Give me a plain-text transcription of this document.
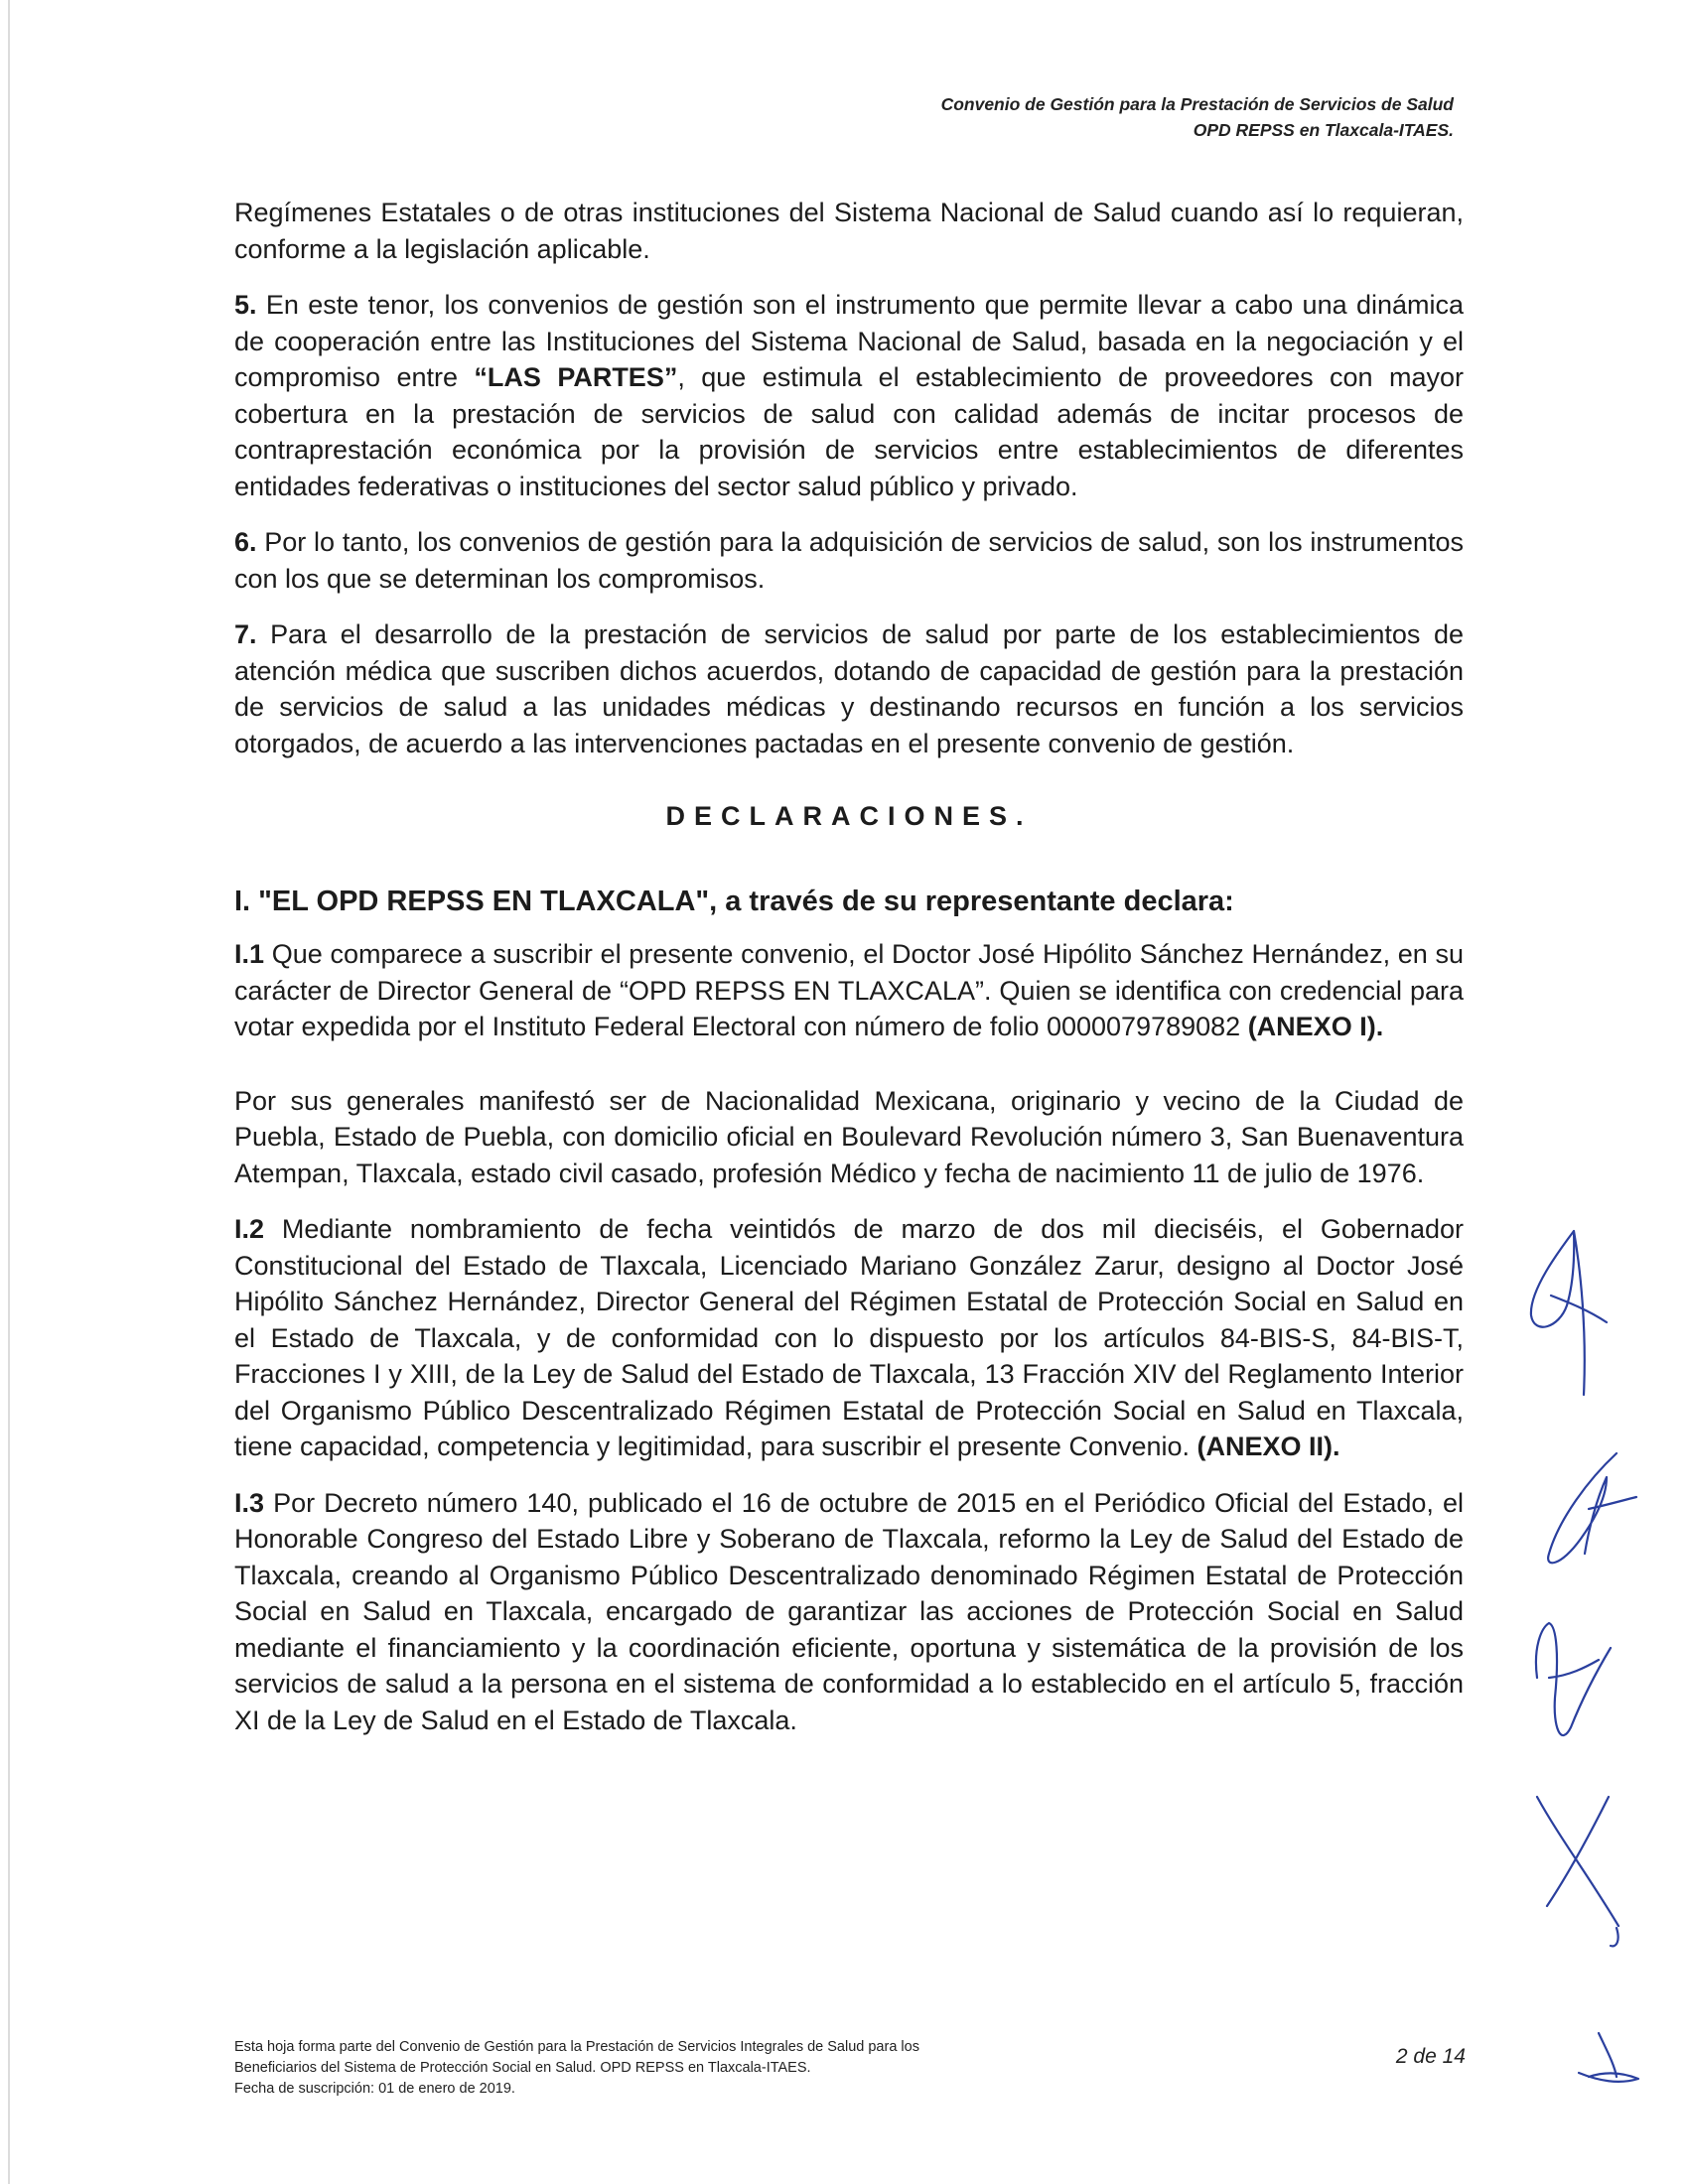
Convenio de Gestión para la Prestación de Servicios de Salud
OPD REPSS en Tlaxcala-ITAES.

Regímenes Estatales o de otras instituciones del Sistema Nacional de Salud cuando así lo requieran, conforme a la legislación aplicable.

5. En este tenor, los convenios de gestión son el instrumento que permite llevar a cabo una dinámica de cooperación entre las Instituciones del Sistema Nacional de Salud, basada en la negociación y el compromiso entre “LAS PARTES”, que estimula el establecimiento de proveedores con mayor cobertura en la prestación de servicios de salud con calidad además de incitar procesos de contraprestación económica por la provisión de servicios entre establecimientos de diferentes entidades federativas o instituciones del sector salud público y privado.

6. Por lo tanto, los convenios de gestión para la adquisición de servicios de salud, son los instrumentos con los que se determinan los compromisos.

7. Para el desarrollo de la prestación de servicios de salud por parte de los establecimientos de atención médica que suscriben dichos acuerdos, dotando de capacidad de gestión para la prestación de servicios de salud a las unidades médicas y destinando recursos en función a los servicios otorgados, de acuerdo a las intervenciones pactadas en el presente convenio de gestión.

DECLARACIONES.
I. "EL OPD REPSS EN TLAXCALA", a través de su representante declara:

I.1 Que comparece a suscribir el presente convenio, el Doctor José Hipólito Sánchez Hernández, en su carácter de Director General de “OPD REPSS EN TLAXCALA”. Quien se identifica con credencial para votar expedida por el Instituto Federal Electoral con número de folio 0000079789082 (ANEXO I).

Por sus generales manifestó ser de Nacionalidad Mexicana, originario y vecino de la Ciudad de Puebla, Estado de Puebla, con domicilio oficial en Boulevard Revolución número 3, San Buenaventura Atempan, Tlaxcala, estado civil casado, profesión Médico y fecha de nacimiento 11 de julio de 1976.

I.2 Mediante nombramiento de fecha veintidós de marzo de dos mil dieciséis, el Gobernador Constitucional del Estado de Tlaxcala, Licenciado Mariano González Zarur, designo al Doctor José Hipólito Sánchez Hernández, Director General del Régimen Estatal de Protección Social en Salud en el Estado de Tlaxcala, y de conformidad con lo dispuesto por los artículos 84-BIS-S, 84-BIS-T, Fracciones I y XIII, de la Ley de Salud del Estado de Tlaxcala, 13 Fracción XIV del Reglamento Interior del Organismo Público Descentralizado Régimen Estatal de Protección Social en Salud en Tlaxcala, tiene capacidad, competencia y legitimidad, para suscribir el presente Convenio. (ANEXO II).

I.3 Por Decreto número 140, publicado el 16 de octubre de 2015 en el Periódico Oficial del Estado, el Honorable Congreso del Estado Libre y Soberano de Tlaxcala, reformo la Ley de Salud del Estado de Tlaxcala, creando al Organismo Público Descentralizado denominado Régimen Estatal de Protección Social en Salud en Tlaxcala, encargado de garantizar las acciones de Protección Social en Salud mediante el financiamiento y la coordinación eficiente, oportuna y sistemática de la provisión de los servicios de salud a la persona en el sistema de conformidad a lo establecido en el artículo 5, fracción XI de la Ley de Salud en el Estado de Tlaxcala.

Esta hoja forma parte del Convenio de Gestión para la Prestación de Servicios Integrales de Salud para los
Beneficiarios del Sistema de Protección Social en Salud. OPD REPSS en Tlaxcala-ITAES.
Fecha de suscripción: 01 de enero de 2019.
2 de 14
